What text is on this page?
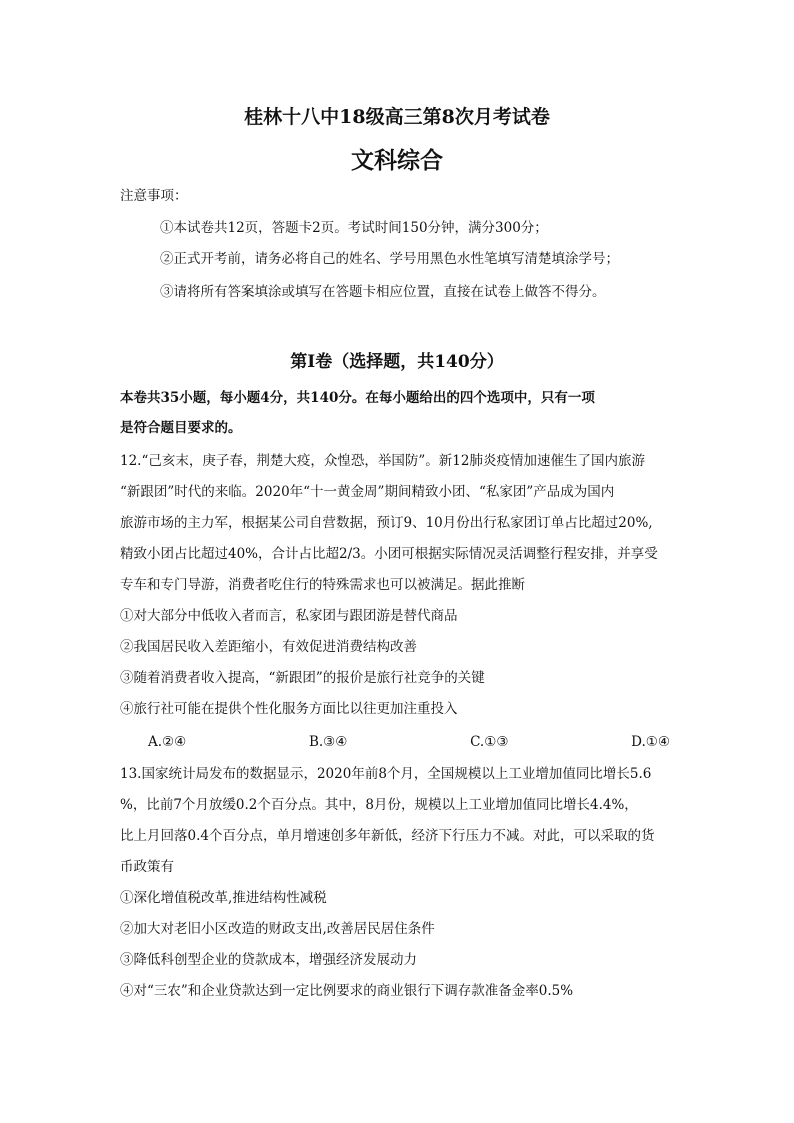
桂林十八中18级高三第8次月考试卷
文科综合
注意事项：
①本试卷共12页，答题卡2页。考试时间150分钟，满分300分；
②正式开考前，请务必将自己的姓名、学号用黑色水性笔填写清楚填涂学号；
③请将所有答案填涂或填写在答题卡相应位置，直接在试卷上做答不得分。
第Ⅰ卷（选择题，共140分）
本卷共35小题，每小题4分，共140分。在每小题给出的四个选项中，只有一项
是符合题目要求的。
12.“己亥末，庚子春，荆楚大疫，众惶恐，举国防”。新12肺炎疫情加速催生了国内旅游
“新跟团”时代的来临。2020年“十一黄金周”期间精致小团、“私家团”产品成为国内
旅游市场的主力军，根据某公司自营数据，预订9、10月份出行私家团订单占比超过20%,
精致小团占比超过40%，合计占比超2/3。小团可根据实际情况灵活调整行程安排，并享受
专车和专门导游，消费者吃住行的特殊需求也可以被满足。据此推断
①对大部分中低收入者而言，私家团与跟团游是替代商品
②我国居民收入差距缩小，有效促进消费结构改善
③随着消费者收入提高，“新跟团”的报价是旅行社竞争的关键
④旅行社可能在提供个性化服务方面比以往更加注重投入
A.②④	B.③④	C.①③	D.①④
13.国家统计局发布的数据显示，2020年前8个月，全国规模以上工业增加值同比增长5.6
%，比前7个月放缓0.2个百分点。其中，8月份，规模以上工业增加值同比增长4.4%，
比上月回落0.4个百分点，单月增速创多年新低，经济下行压力不减。对此，可以采取的货
币政策有
①深化增值税改革,推进结构性减税
②加大对老旧小区改造的财政支出,改善居民居住条件
③降低科创型企业的贷款成本，增强经济发展动力
④对“三农”和企业贷款达到一定比例要求的商业银行下调存款准备金率0.5%
